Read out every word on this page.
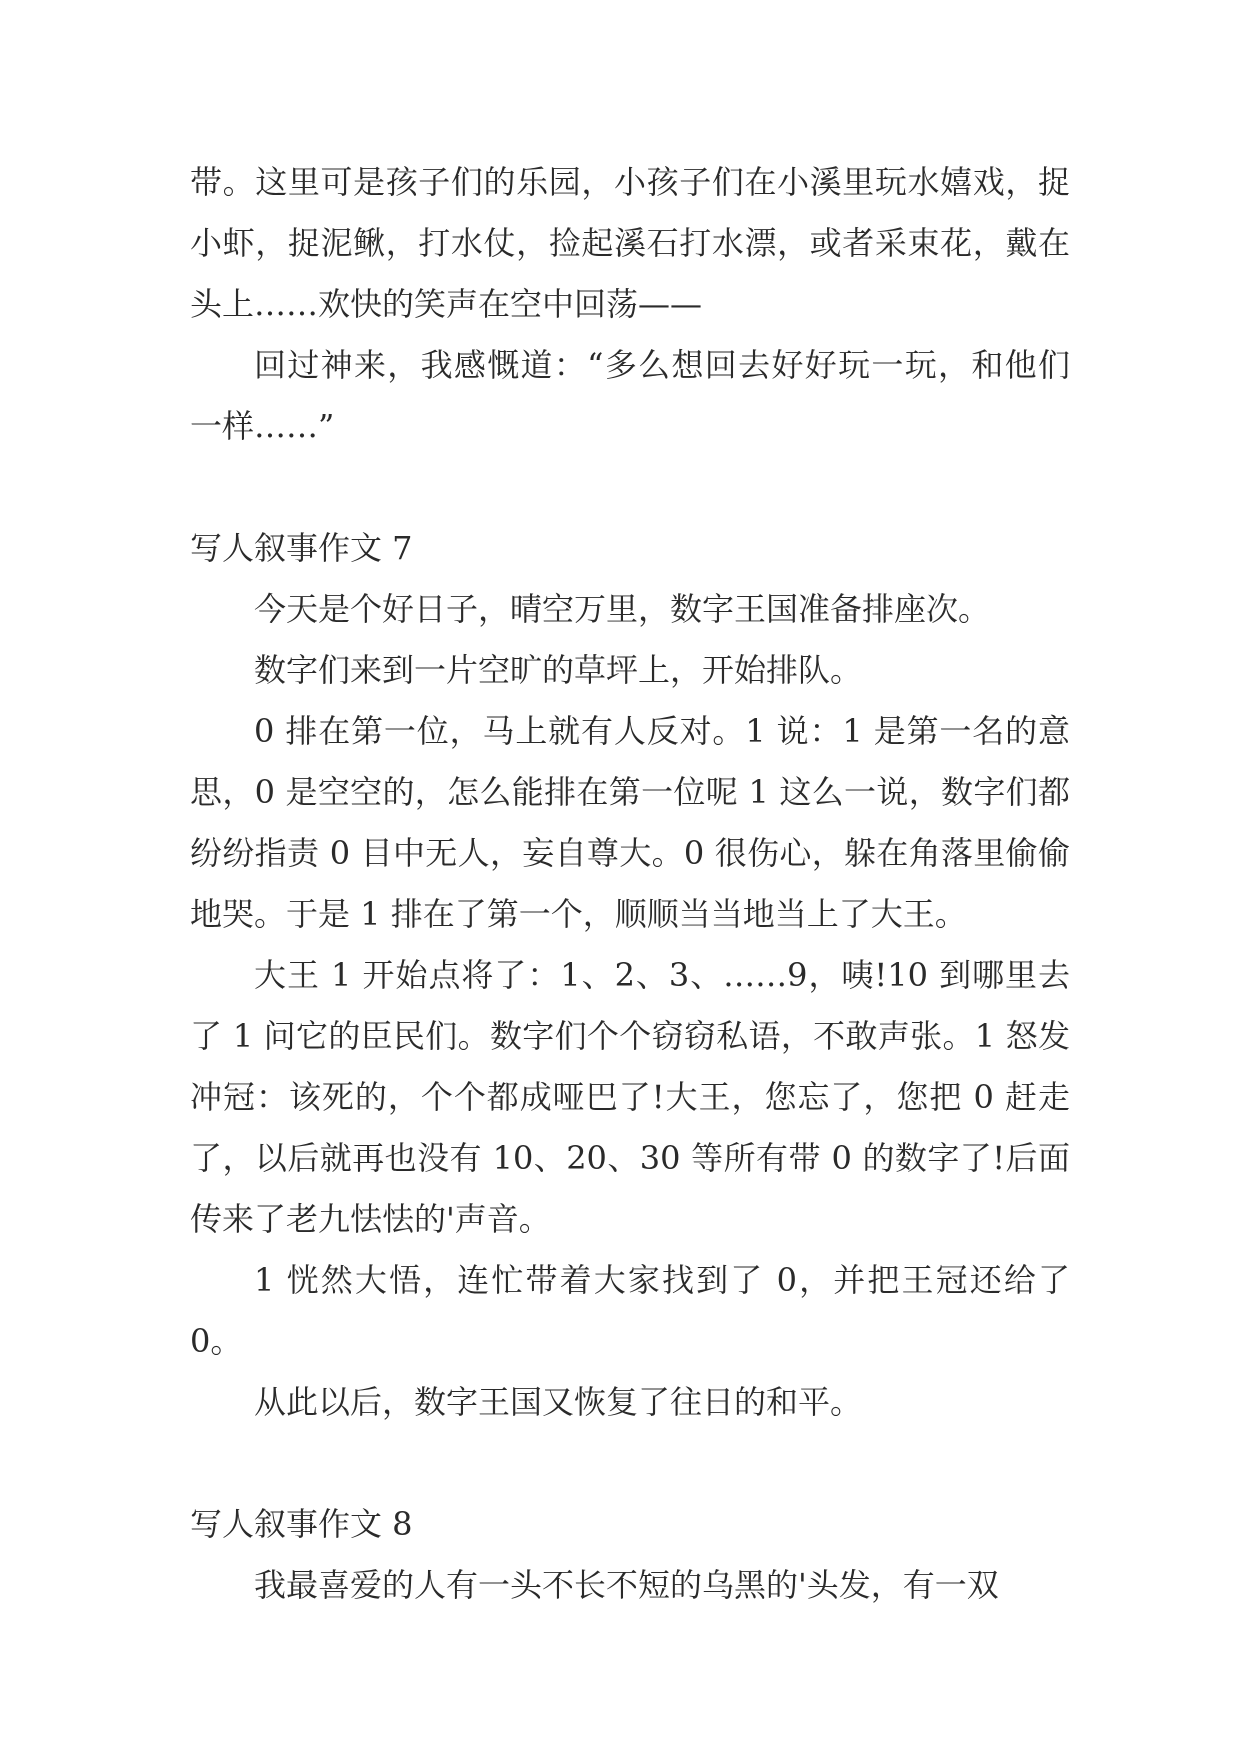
带。这里可是孩子们的乐园，小孩子们在小溪里玩水嬉戏，捉小虾，捉泥鳅，打水仗，捡起溪石打水漂，或者采束花，戴在头上……欢快的笑声在空中回荡——

回过神来，我感慨道：“多么想回去好好玩一玩，和他们一样……”

写人叙事作文 7

今天是个好日子，晴空万里，数字王国准备排座次。

数字们来到一片空旷的草坪上，开始排队。

0 排在第一位，马上就有人反对。1 说：1 是第一名的意思，0 是空空的，怎么能排在第一位呢 1 这么一说，数字们都纷纷指责 0 目中无人，妄自尊大。0 很伤心，躲在角落里偷偷地哭。于是 1 排在了第一个，顺顺当当地当上了大王。

大王 1 开始点将了：1、2、3、……9，咦!10 到哪里去了 1 问它的臣民们。数字们个个窃窃私语，不敢声张。1 怒发冲冠：该死的，个个都成哑巴了!大王，您忘了，您把 0 赶走了，以后就再也没有 10、20、30 等所有带 0 的数字了!后面传来了老九怯怯的'声音。

1 恍然大悟，连忙带着大家找到了 0，并把王冠还给了 0。

从此以后，数字王国又恢复了往日的和平。

写人叙事作文 8

我最喜爱的人有一头不长不短的乌黑的'头发，有一双
